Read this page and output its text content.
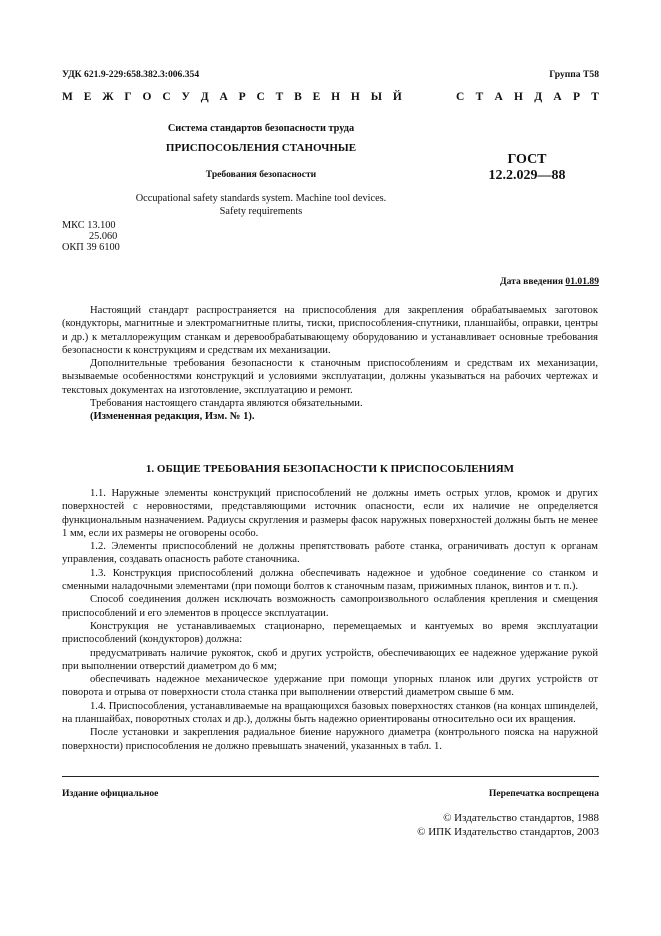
УДК 621.9-229:658.382.3:006.354	Группа Т58
М Е Ж Г О С У Д А Р С Т В Е Н Н Ы Й	С Т А Н Д А Р Т
Система стандартов безопасности труда
ПРИСПОСОБЛЕНИЯ СТАНОЧНЫЕ
Требования безопасности
Occupational safety standards system. Machine tool devices.
Safety requirements
ГОСТ
12.2.029—88
МКС 13.100
25.060
ОКП 39 6100
Дата введения 01.01.89

Настоящий стандарт распространяется на приспособления для закрепления обрабатываемых заготовок (кондукторы, магнитные и электромагнитные плиты, тиски, приспособления-спутники, планшайбы, оправки, центры и др.) к металлорежущим станкам и деревообрабатывающему оборудованию и устанавливает основные требования безопасности к конструкциям и средствам их механизации.

Дополнительные требования безопасности к станочным приспособлениям и средствам их механизации, вызываемые особенностями конструкций и условиями эксплуатации, должны указываться на рабочих чертежах и текстовых документах на изготовление, эксплуатацию и ремонт.

Требования настоящего стандарта являются обязательными.

(Измененная редакция, Изм. № 1).

1. ОБЩИЕ ТРЕБОВАНИЯ БЕЗОПАСНОСТИ К ПРИСПОСОБЛЕНИЯМ

1.1. Наружные элементы конструкций приспособлений не должны иметь острых углов, кромок и других поверхностей с неровностями, представляющими источник опасности, если их наличие не определяется функциональным назначением. Радиусы скругления и размеры фасок наружных поверхностей должны быть не менее 1 мм, если их размеры не оговорены особо.

1.2. Элементы приспособлений не должны препятствовать работе станка, ограничивать доступ к органам управления, создавать опасность работе станочника.

1.3. Конструкция приспособлений должна обеспечивать надежное и удобное соединение со станком и сменными наладочными элементами (при помощи болтов к станочным пазам, прижимных планок, винтов и т. п.).

Способ соединения должен исключать возможность самопроизвольного ослабления крепления и смещения приспособлений и его элементов в процессе эксплуатации.

Конструкция не устанавливаемых стационарно, перемещаемых и кантуемых во время эксплуатации приспособлений (кондукторов) должна:

предусматривать наличие рукояток, скоб и других устройств, обеспечивающих ее надежное удержание рукой при выполнении отверстий диаметром до 6 мм;

обеспечивать надежное механическое удержание при помощи упорных планок или других устройств от поворота и отрыва от поверхности стола станка при выполнении отверстий диаметром свыше 6 мм.

1.4. Приспособления, устанавливаемые на вращающихся базовых поверхностях станков (на концах шпинделей, на планшайбах, поворотных столах и др.), должны быть надежно ориентированы относительно оси их вращения.

После установки и закрепления радиальное биение наружного диаметра (контрольного пояска на наружной поверхности) приспособления не должно превышать значений, указанных в табл. 1.

Издание официальное	Перепечатка воспрещена
© Издательство стандартов, 1988
© ИПК Издательство стандартов, 2003
